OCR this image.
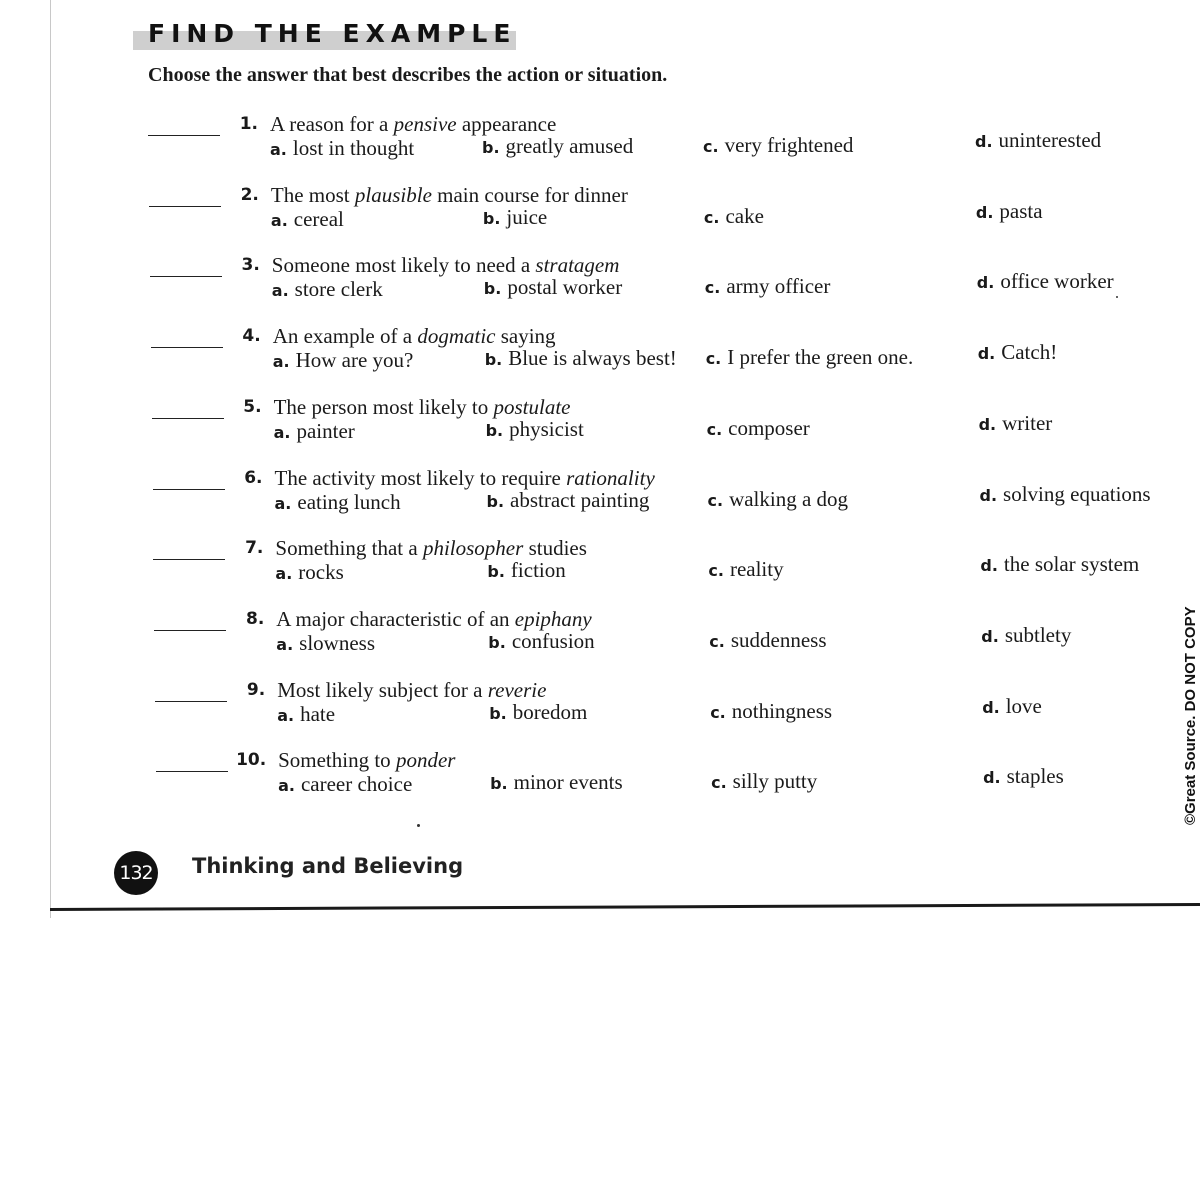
FIND THE EXAMPLE

Choose the answer that best describes the action or situation.

1. A reason for a pensive appearance
a. lost in thought	b. greatly amused	c. very frightened	d. uninterested
2. The most plausible main course for dinner
a. cereal	b. juice	c. cake	d. pasta
3. Someone most likely to need a stratagem
a. store clerk	b. postal worker	c. army officer	d. office worker
4. An example of a dogmatic saying
a. How are you?	b. Blue is always best! c. I prefer the green one.	d. Catch!
5. The person most likely to postulate
a. painter	b. physicist	c. composer	d. writer
6. The activity most likely to require rationality
a. eating lunch	b. abstract painting	c. walking a dog	d. solving equations
7. Something that a philosopher studies
a. rocks	b. fiction	c. reality	d. the solar system
8. A major characteristic of an epiphany
a. slowness	b. confusion	c. suddenness	d. subtlety
9. Most likely subject for a reverie
a. hate	b. boredom	c. nothingness	d. love
10. Something to ponder
a. career choice	b. minor events	c. silly putty	d. staples
132 Thinking and Believing
©Great Source. DO NOT COPY
